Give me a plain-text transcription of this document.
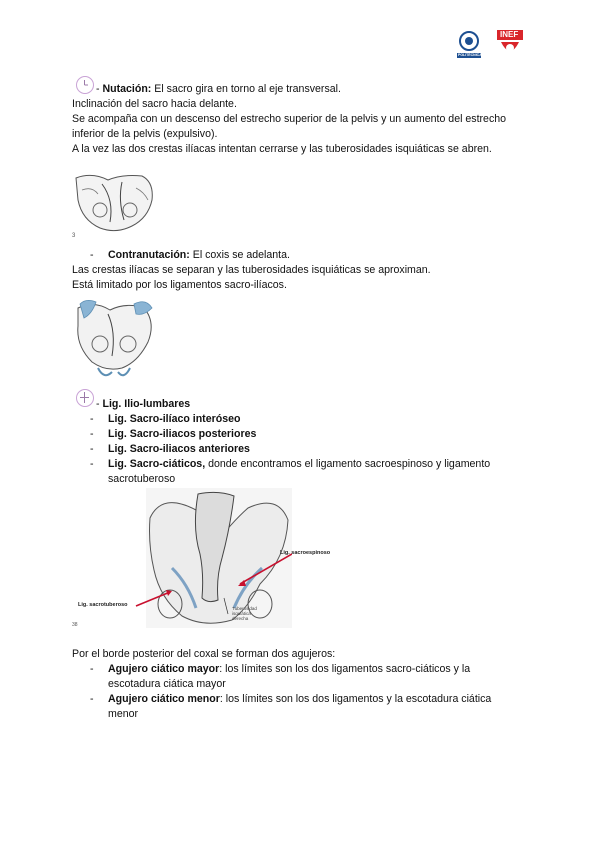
POLITÉCNICA
INEF
- Nutación: El sacro gira en torno al eje transversal.
Inclinación del sacro hacia delante.
Se acompaña con un descenso del estrecho superior de la pelvis y un aumento del estrecho
inferior de la pelvis (expulsivo).
A la vez las dos crestas ilíacas intentan cerrarse y las tuberosidades isquiáticas se abren.
3
- Contranutación: El coxis se adelanta.
Las crestas ilíacas se separan y las tuberosidades isquiáticas se aproximan.
Está limitado por los ligamentos sacro-ilíacos.
- Lig. Ilio-lumbares
- Lig. Sacro-ilíaco interóseo
- Lig. Sacro-iliacos posteriores
- Lig. Sacro-iliacos anteriores
- Lig. Sacro-ciáticos, donde encontramos el ligamento sacroespinoso y ligamento
sacrotuberoso
Lig. sacroespinoso
Lig. sacrotuberoso
38
Tuberosidad
isquiática
derecha
Por el borde posterior del coxal se forman dos agujeros:
- Agujero ciático mayor: los límites son los dos ligamentos sacro-ciáticos y la
escotadura ciática mayor
- Agujero ciático menor: los límites son los dos ligamentos y la escotadura ciática
menor
